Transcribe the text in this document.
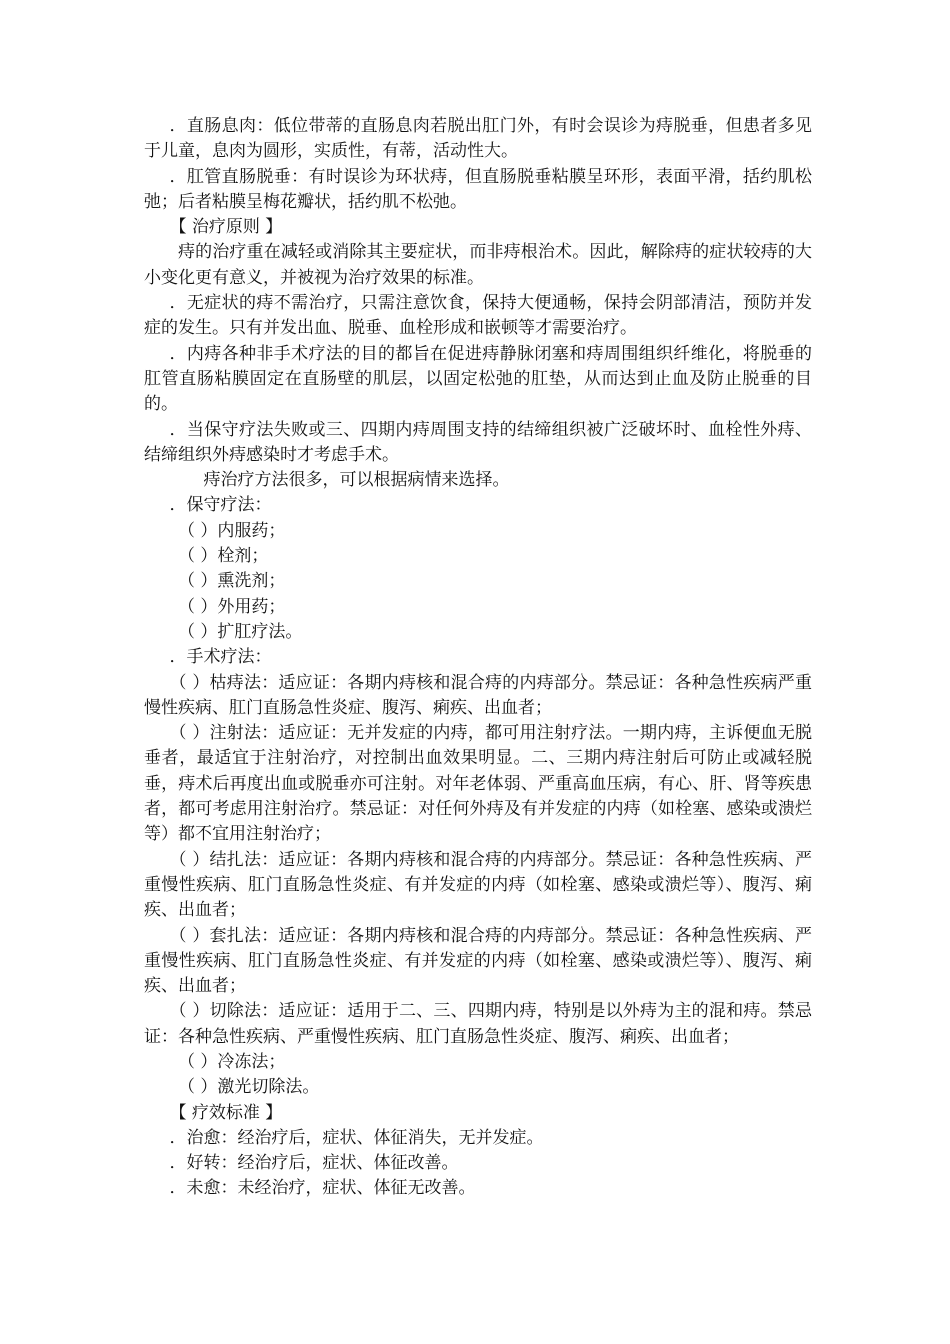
．直肠息肉：低位带蒂的直肠息肉若脱出肛门外，有时会误诊为痔脱垂，但患者多见于儿童，息肉为圆形，实质性，有蒂，活动性大。

．肛管直肠脱垂：有时误诊为环状痔，但直肠脱垂粘膜呈环形，表面平滑，括约肌松弛；后者粘膜呈梅花瓣状，括约肌不松弛。

【 治疗原则 】

痔的治疗重在减轻或消除其主要症状，而非痔根治术。因此，解除痔的症状较痔的大小变化更有意义，并被视为治疗效果的标准。

．无症状的痔不需治疗，只需注意饮食，保持大便通畅，保持会阴部清洁，预防并发症的发生。只有并发出血、脱垂、血栓形成和嵌顿等才需要治疗。

．内痔各种非手术疗法的目的都旨在促进痔静脉闭塞和痔周围组织纤维化，将脱垂的肛管直肠粘膜固定在直肠壁的肌层，以固定松弛的肛垫，从而达到止血及防止脱垂的目的。

．当保守疗法失败或三、四期内痔周围支持的结缔组织被广泛破坏时、血栓性外痔、结缔组织外痔感染时才考虑手术。

痔治疗方法很多，可以根据病情来选择。

．保守疗法：

（ ）内服药；

（ ）栓剂；

（ ）熏洗剂；

（ ）外用药；

（ ）扩肛疗法。

．手术疗法：

（ ）枯痔法：适应证：各期内痔核和混合痔的内痔部分。禁忌证：各种急性疾病严重慢性疾病、肛门直肠急性炎症、腹泻、痢疾、出血者；

（ ）注射法：适应证：无并发症的内痔，都可用注射疗法。一期内痔，主诉便血无脱垂者，最适宜于注射治疗，对控制出血效果明显。二、三期内痔注射后可防止或减轻脱垂，痔术后再度出血或脱垂亦可注射。对年老体弱、严重高血压病，有心、肝、肾等疾患者，都可考虑用注射治疗。禁忌证：对任何外痔及有并发症的内痔（如栓塞、感染或溃烂等）都不宜用注射治疗；

（ ）结扎法：适应证：各期内痔核和混合痔的内痔部分。禁忌证：各种急性疾病、严重慢性疾病、肛门直肠急性炎症、有并发症的内痔（如栓塞、感染或溃烂等）、腹泻、痢疾、出血者；

（ ）套扎法：适应证：各期内痔核和混合痔的内痔部分。禁忌证：各种急性疾病、严重慢性疾病、肛门直肠急性炎症、有并发症的内痔（如栓塞、感染或溃烂等）、腹泻、痢疾、出血者；

（ ）切除法：适应证：适用于二、三、四期内痔，特别是以外痔为主的混和痔。禁忌证：各种急性疾病、严重慢性疾病、肛门直肠急性炎症、腹泻、痢疾、出血者；

（ ）冷冻法；

（ ）激光切除法。

【 疗效标准 】

．治愈：经治疗后，症状、体征消失，无并发症。

．好转：经治疗后，症状、体征改善。

．未愈：未经治疗，症状、体征无改善。
